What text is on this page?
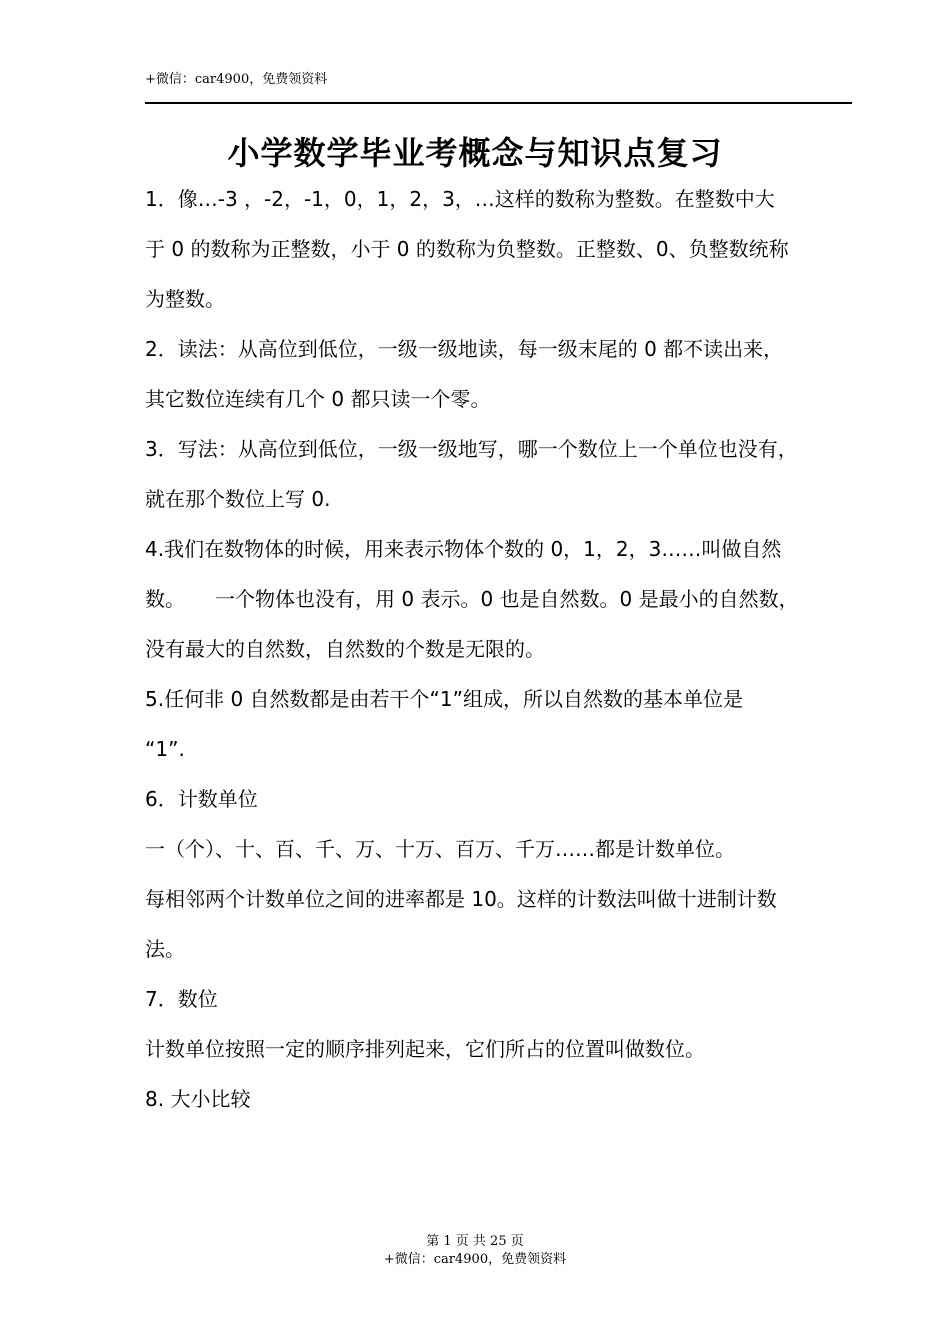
+微信：car4900，免费领资料
小学数学毕业考概念与知识点复习
1．像…-3 ，-2，-1，0，1，2，3，…这样的数称为整数。在整数中大
于 0 的数称为正整数，小于 0 的数称为负整数。正整数、0、负整数统称
为整数。
2．读法：从高位到低位，一级一级地读，每一级末尾的 0 都不读出来，
其它数位连续有几个 0 都只读一个零。
3．写法：从高位到低位，一级一级地写，哪一个数位上一个单位也没有，
就在那个数位上写 0.
4.我们在数物体的时候，用来表示物体个数的 0，1，2，3……叫做自然
数。　　一个物体也没有，用 0 表示。0 也是自然数。0 是最小的自然数，
没有最大的自然数，自然数的个数是无限的。
5.任何非 0 自然数都是由若干个“1”组成，所以自然数的基本单位是
“1”.
6．计数单位
一（个）、十、百、千、万、十万、百万、千万……都是计数单位。
每相邻两个计数单位之间的进率都是 10。这样的计数法叫做十进制计数
法。
7．数位
计数单位按照一定的顺序排列起来，它们所占的位置叫做数位。
8. 大小比较
第 1 页 共 25 页
+微信：car4900，免费领资料
